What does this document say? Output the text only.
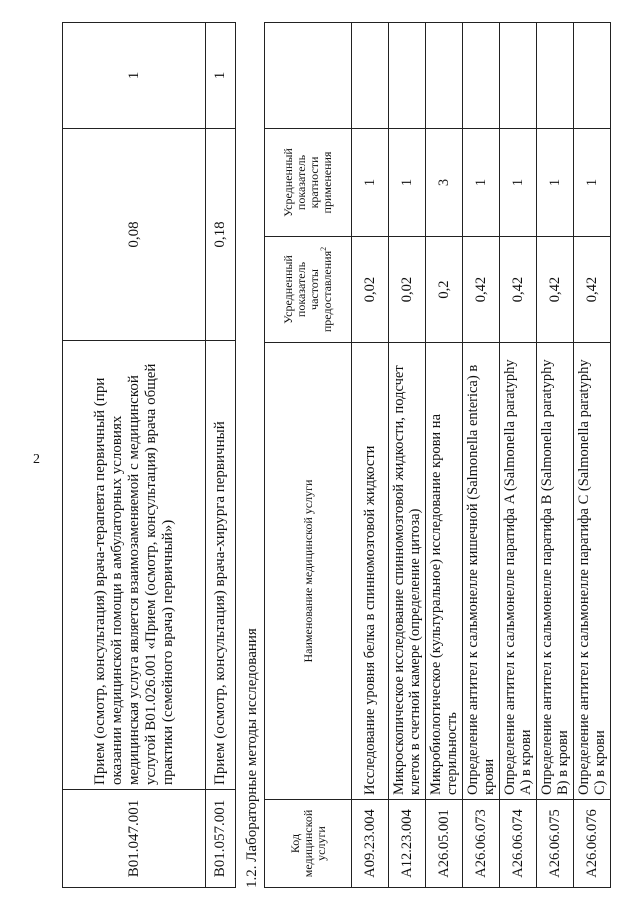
2
B01.047.001	Прием (осмотр, консультация) врача-терапевта первичный (при оказании медицинской помощи в амбулаторных условиях медицинская услуга является взаимозаменяемой с медицинской услугой B01.026.001 «Прием (осмотр, консультация) врача общей практики (семейного врача) первичный»)	0,08	1
B01.057.001	Прием (осмотр, консультация) врача-хирурга первичный	0,18	1
1.2. Лабораторные методы исследования Код медицинской услуги	Наименование медицинской услуги	Усредненный показатель частоты предоставления$^2$	Усредненный показатель кратности применения	
A09.23.004	Исследование уровня белка в спинномозговой жидкости	0,02	1	
A12.23.004	Микроскопическое исследование спинномозговой жидкости, подсчет клеток в счетной камере (определение цитоза)	0,02	1	
A26.05.001	Микробиологическое (культуральное) исследование крови на стерильность	0,2	3	
A26.06.073	Определение антител к сальмонелле кишечной (Salmonella enterica) в крови	0,42	1	
A26.06.074	Определение антител к сальмонелле паратифа A (Salmonella paratyphy A) в крови	0,42	1	
A26.06.075	Определение антител к сальмонелле паратифа B (Salmonella paratyphy B) в крови	0,42	1	
A26.06.076	Определение антител к сальмонелле паратифа C (Salmonella paratyphy C) в крови	0,42	1	
